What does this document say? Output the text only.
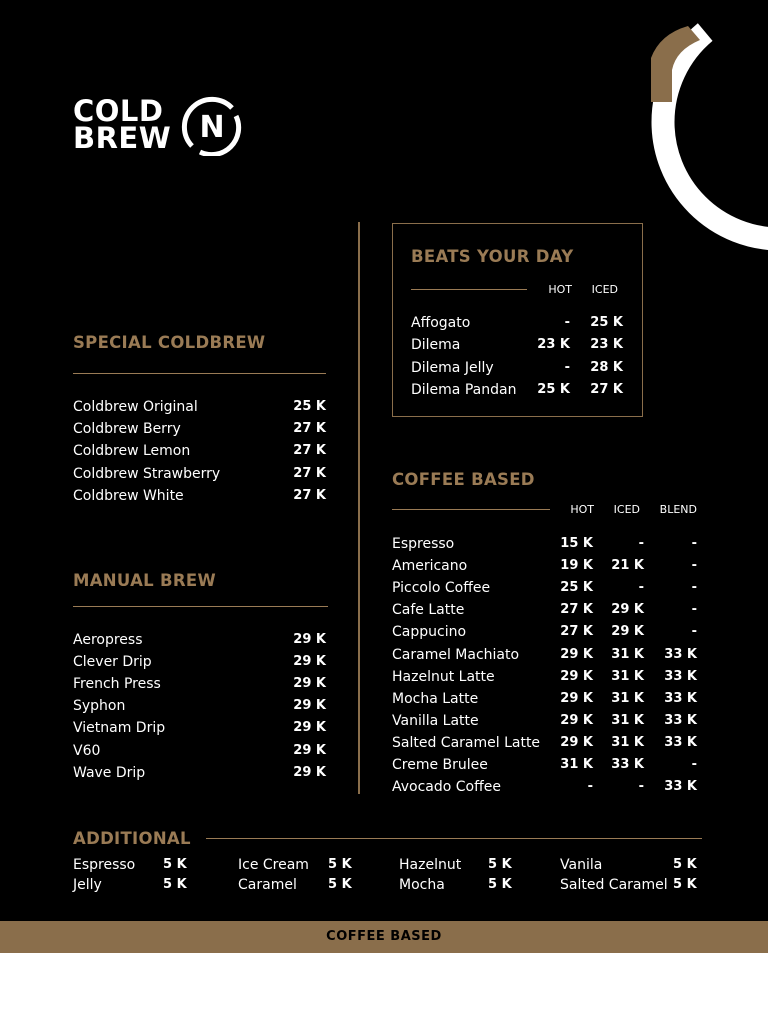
COLD
BREW N
SPECIAL COLDBREW
Coldbrew Original	25 K
Coldbrew Berry	27 K
Coldbrew Lemon	27 K
Coldbrew Strawberry	27 K
Coldbrew White	27 K
MANUAL BREW
Aeropress	29 K
Clever Drip	29 K
French Press	29 K
Syphon	29 K
Vietnam Drip	29 K
V60	29 K
Wave Drip	29 K
BEATS YOUR DAY
HOT ICED
Affogato	- 25 K
Dilema	23 K 23 K
Dilema Jelly	- 28 K
Dilema Pandan 25 K 27 K
COFFEE BASED
HOT ICED BLEND
Espresso	15 K	-	-
Americano	19 K 21 K	-
Piccolo Coffee	25 K	-	-
Cafe Latte	27 K 29 K	-
Cappucino	27 K 29 K	-
Caramel Machiato	29 K 31 K 33 K
Hazelnut Latte	29 K 31 K 33 K
Mocha Latte	29 K 31 K 33 K
Vanilla Latte	29 K 31 K 33 K
Salted Caramel Latte 29 K 31 K 33 K
Creme Brulee	31 K 33 K	-
Avocado Coffee	-	- 33 K
ADDITIONAL
Espresso 5 K
Jelly	5 K
Ice Cream 5 K
Caramel 5 K
Hazelnut 5 K
Mocha	5 K
Vanila	5 K
Salted Caramel 5 K
COFFEE BASED
